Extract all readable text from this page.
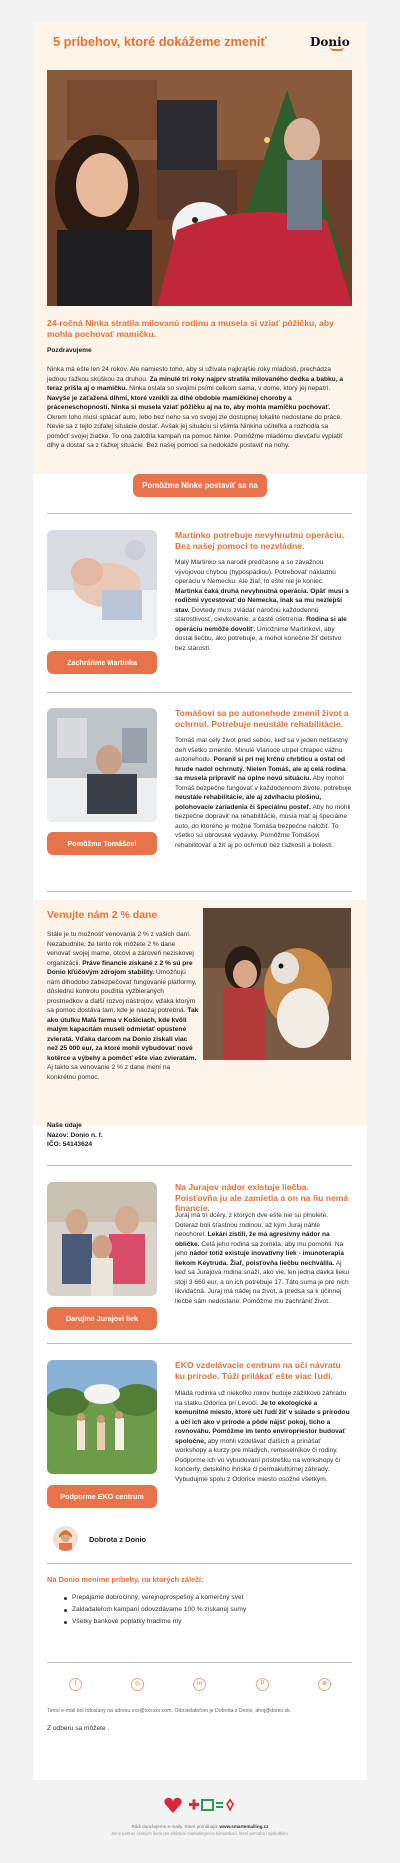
5 príbehov, ktoré dokážeme zmeniť	Donio
24-ročná Ninka stratila milovanú rodinu a musela si vziať pôžičku, aby mohla pochovať mamičku.
Pozdravujeme
Ninka má ešte len 24 rokov. Ale namiesto toho, aby si užívala najkrajšie roky mladosti, prechádza jednou ťažkou skúškou za druhou. Za minulé tri roky najprv stratila milovaného dedka a babku, a teraz prišla aj o mamičku. Ninka ostala so svojimi psími celkom sama, v dome, ktorý jej nepatrí. Navyše je zaťažená dlhmi, ktoré vznikli za dlhé obdobie mamičkinej choroby a práceneschopnosti. Ninka si musela vziať pôžičku aj na to, aby mohla mamičku pochovať. Okrem toho musí splácať auto, lebo bez neho sa vo svojej zle dostupnej lokalite nedostane do práce. Nevie sa z tejto zúfalej situácie dostať. Avšak jej situáciu si všimla Ninkina učiteľka a rozhodla sa pomôcť svojej žiačke. To ona založila kampaň na pomoc Ninke. Pomôžme mladému dievčaťu vyplatiť dlhy a dostať sa z ťažkej situácie. Bez našej pomoci sa nedokáže postaviť na nohy.
Pomôžme Ninke postaviť sa na nohy
Zachráňme Martinka
Martinko potrebuje nevyhnutnú operáciu. Bez našej pomoci to nezvládne.
Malý Martinko sa narodil predčasne a so závažnou vývojovou chybou (hypospádiou). Potrebovať nákladnú operáciu v Nemecku. Ale žiaľ, to ešte nie je koniec. Martinka čaká druhá nevyhnutná operácia. Opäť musí s rodičmi vycestovať do Nemecka, inak sa mu nezlepší stav. Dovtedy musí zvládať náročnú každodennú starostlivosť, cievkovanie, a časté ošetrenia. Rodina si ale operáciu nemôže dovoliť. Umožnime Martinkovi, aby dostal liečbu, ako potrebuje, a mohol konečne žiť detstvo bez starostí.
Pomôžme Tomášovi
Tomášovi sa po autonehode zmenil život a ochrnul. Potrebuje neustále rehabilitácie.
Tomáš mal celý život pred sebou, keď sa v jeden nešťastný deň všetko zmenilo. Minulé Vianoce utrpel chlapec vážnu autonehodu. Poranil si pri nej krčnú chrbticu a ostal od hrude nadol ochrnutý. Nielen Tomáš, ale aj celá rodina sa musela pripraviť na úplne novú situáciu. Aby mohol Tomáš bezpečne fungovať v každodennom živote, potrebuje neustále rehabilitácie, ale aj zdvíhaciu plošinu, polohovacie zariadenia či špeciálnu posteľ. Aby ho mohli bezpečne dopraviť na rehabilitácie, musia mať aj špeciálne auto, do ktorého je možné Tomáša bezpečne naložiť. To všetko sú obrovské výdavky. Pomôžme Tomášovi rehabilitovať a žiť aj po ochrnutí bez ťažkostí a bolesti.
Venujte nám 2 % dane
Stále je tu možnosť venovania 2 % z vašich daní. Nezabudnite, že tento rok môžete 2 % dane venovať svojej mame, otcovi a zároveň neziskovej organizácii. Práve financie získané z 2 % sú pre Donio kľúčovým zdrojom stability. Umožňujú nám dlhodobo zabezpečovať fungovanie platformy, dôslednú kontrolu použitia vyzbieraných prostriedkov a ďalší rozvoj nástrojov, vďaka ktorým sa pomoc dostáva tam, kde je naozaj potrebná. Tak ako útulku Malá farma v Košiciach, kde kvôli malým kapacitám museli odmietať opustené zvieratá. Vďaka darcom na Donio získali viac než 25 000 eur, za ktoré mohli vybudovať nové kotërce a výbehy a pomôcť ešte viac zvieratám. Aj takto sa venovanie 2 % z dane mení na konkrétnu pomoc.
Naše údaje
Názov: Donio n. f.
IČO: 54143624
Darujme Jurajovi liek
Na Jurajov nádor existuje liečba. Poisťovňa ju ale zamietla a on na ňu nemá financie.
Juraj má tri dcéry, z ktorých dve ešte nie sú plnoleté. Doteraz boli šťastnou rodinou, až kým Juraj náhle neochorel. Lekári zistili, že má agresívny nádor na obličke. Celá jeho rodina sa zomkla, aby mu pomohli. Na jeho nádor totiž existuje inovatívny liek - imunoterapia liekom Keytruda. Žiaľ, poisťovňa liečbu nechválila. Aj keď sa Jurajova rodina snaží, ako vie, len jedna dávka lieku stojí 3 660 eur, a on ich potrebuje 17. Táto suma je pre nich likvidačná. Juraj má nádej na život, a predsa sa k účinnej liečbe sám nedostane. Pomôžme mu zachrániť život.
Podporme EKO centrum
EKO vzdelávacie centrum na učí návratu ku prírode. Túži prilákať ešte viac ľudí.
Mladá rodinka už niekoľko rokov budúje zážitkovú záhradu na statku Odorica pri Levoči. Je to ekologické a komunitné miesto, ktoré učí ľudí žiť v súlade s prírodou a učí ich ako v prírode a pôde nájsť pokoj, ticho a rovnováhu. Pomôžme im tento enviropriestor budovať spoločne, aby mohli vzdelávať ďalších a prinášať workshopy a kurzy pre mladých, remeselníkov či rodiny. Podporme ich vo vybudovaní prístrešku na workshopy či koncerty, detského ihriska či permakultúrnej záhrady. Vybudujme spolu z Odorice miesto osožné všetkým.
Dobrota z Donio
Na Donio meníme príbehy, na ktorých záleží:
Prepájame dobročinný, verejnoprospešný a komerčný svet
Zakladateľom kampaní odovzdávame 100 % získanej sumy
Všetky bankové poplatky hradíme my
f	◎	in	P	⊕
Tento e-mail bol odoslaný na adresu xxx@xxxxxx.com. Odosielateľom je Dobrota z Donio, ahoj@donio.sk.
Z odberu sa môžete .
Rádi dorušujeme e-maily. Ktoré pomáhajú: www.smartemailing.cz
Jsme partner českých firem pro efektivní marketingovou komunikaci, která pomáhá i výsledkům.
